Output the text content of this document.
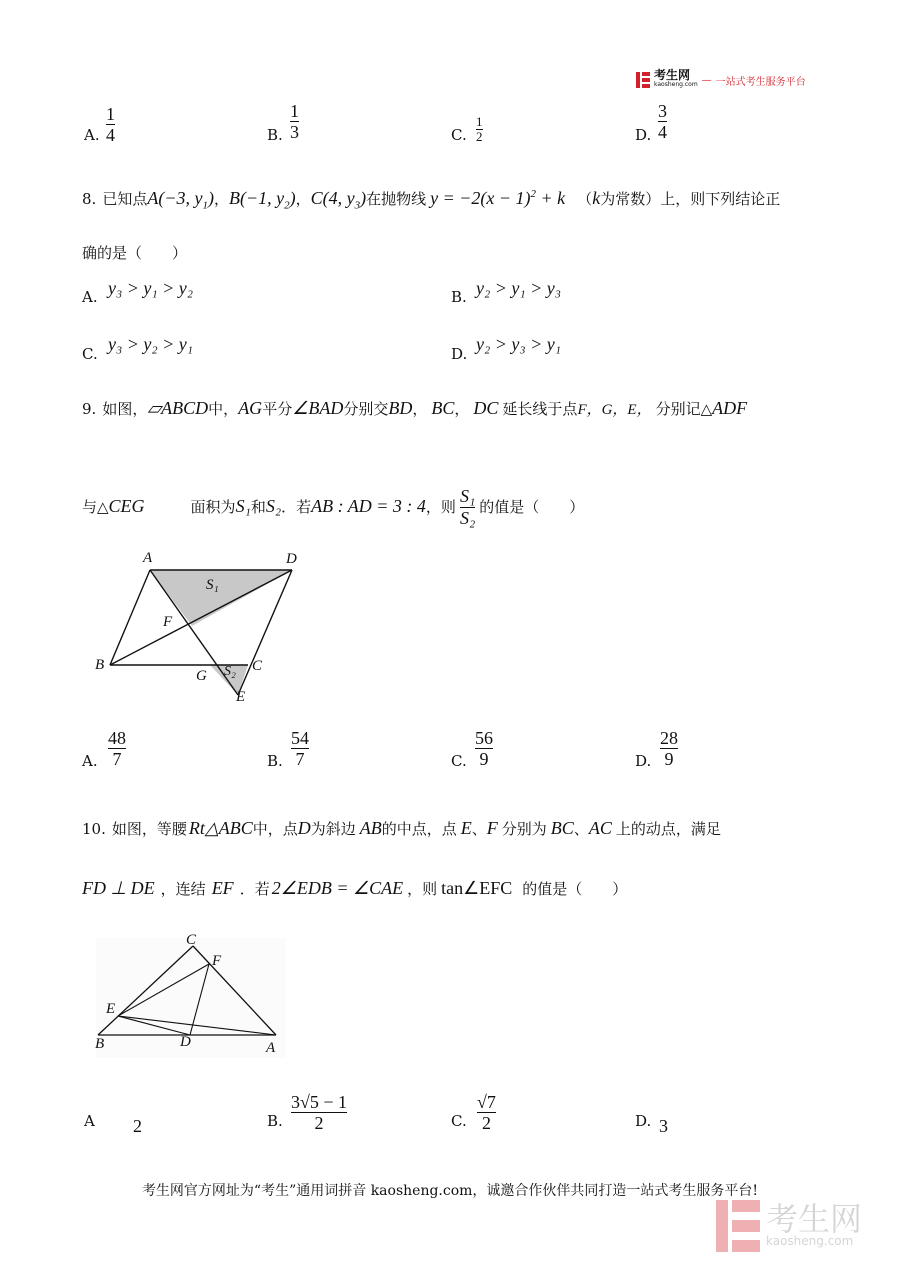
考生网
kaosheng.com — 一站式考生服务平台
A.
1
4	B.
1
3	C.
1
2	D.
3
4
8. 已知点 A(−3, $y_1$) ， B(−1, $y_2$) ， C(4, $y_3$) 在抛物线 $y = -2(x - 1)^2 + k$ （ k 为常数）上，则下列结论正
确的是（　　）
A. y₃ > y₁ > y₂	B. y₂ > y₁ > y₃
C. y₃ > y₂ > y₁	D. y₂ > y₃ > y₁
9. 如图， ▱ABCD 中， AG 平分 ∠BAD 分别交 BD ， BC ， DC 延长线于点 F，G，E， 分别记△ ADF
与△ CEG	面积为 S₁ 和 S₂ ．若 AB : AD = 3 : 4 ，则
S₁
S₂
的值是（　　）
A	D
S₁
F
B
G S₂ C
E
A.
48
7	B.
54
7	C.
56
9	D.
28
9
10. 如图，等腰 Rt△ABC 中，点 D 为斜边 AB 的中点，点 E 、 F 分别为 BC 、 AC 上的动点，满足
FD ⊥ DE ，连结 EF ．若 2∠EDB = ∠CAE ，则 tan∠EFC 的值是（　　）
C
F
E
B	D	A
A 2	B.
3√5 − 1
2	C.
√7
2	D. 3
考生网官方网址为“考生”通用词拼音 kaosheng.com，诚邀合作伙伴共同打造一站式考生服务平台!
考生网
kaosheng.com
